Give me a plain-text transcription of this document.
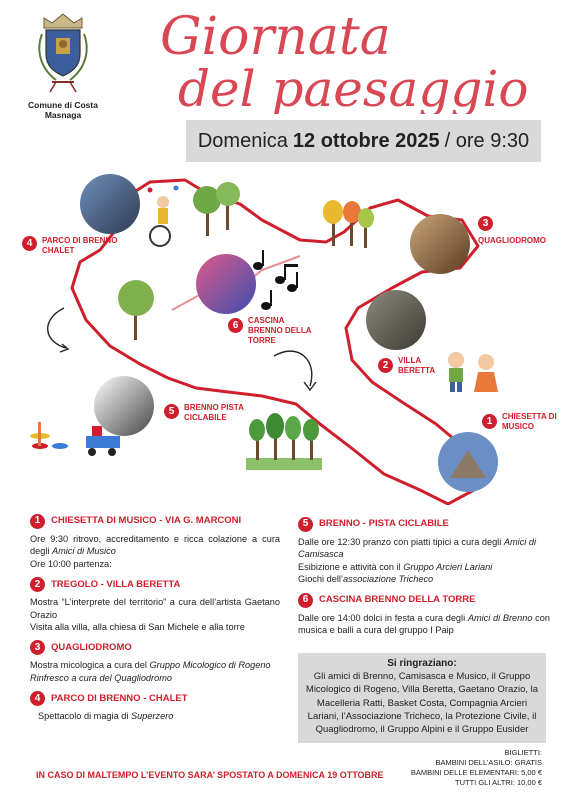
Comune di Costa Masnaga
Giornata
del paesaggio
Domenica 12 ottobre 2025 / ore 9:30
4	PARCO DI BRENNO CHALET
3
QUAGLIODROMO
6	CASCINA BRENNO DELLA TORRE
2	VILLA BERETTA
5	BRENNO PISTA CICLABILE	1	CHIESETTA DI MUSICO
1	CHIESETTA DI MUSICO - VIA G. MARCONI

Ore 9:30 ritrovo, accreditamento e ricca colazione a cura degli Amici di Musico

Ore 10:00 partenza:

2	TREGOLO - VILLA BERETTA

Mostra “L’interprete del territorio” a cura dell’artista Gaetano Orazio

Visita alla villa, alla chiesa di San Michele e alla torre

3	QUAGLIODROMO

Mostra micologica a cura del Gruppo Micologico di Rogeno

Rinfresco a cura del Quagliodromo

4	PARCO DI BRENNO - CHALET

Spettacolo di magia di Superzero

5	BRENNO - PISTA CICLABILE

Dalle ore 12:30 pranzo con piatti tipici a cura degli Amici di Camisasca

Esibizione e attività con il Gruppo Arcieri Lariani

Giochi dell’associazione Tricheco

6	CASCINA BRENNO DELLA TORRE

Dalle ore 14:00 dolci in festa a cura degli Amici di Brenno con musica e balli a cura del gruppo I Paip

Si ringraziano:
Gli amici di Brenno, Camisasca e Musico, il Gruppo Micologico di Rogeno, Villa Beretta, Gaetano Orazio, la Macelleria Ratti, Basket Costa, Compagnia Arcieri Lariani, l’Associazione Tricheco, la Protezione Civile, il Quagliodromo, il Gruppo Alpini e il Gruppo Eusider
BIGLIETTI:
BAMBINI DELL’ASILO: GRATIS
BAMBINI DELLE ELEMENTARI: 5,00 €
TUTTI GLI ALTRI: 10,00 €
IN CASO DI MALTEMPO L’EVENTO SARA’ SPOSTATO A DOMENICA 19 OTTOBRE
